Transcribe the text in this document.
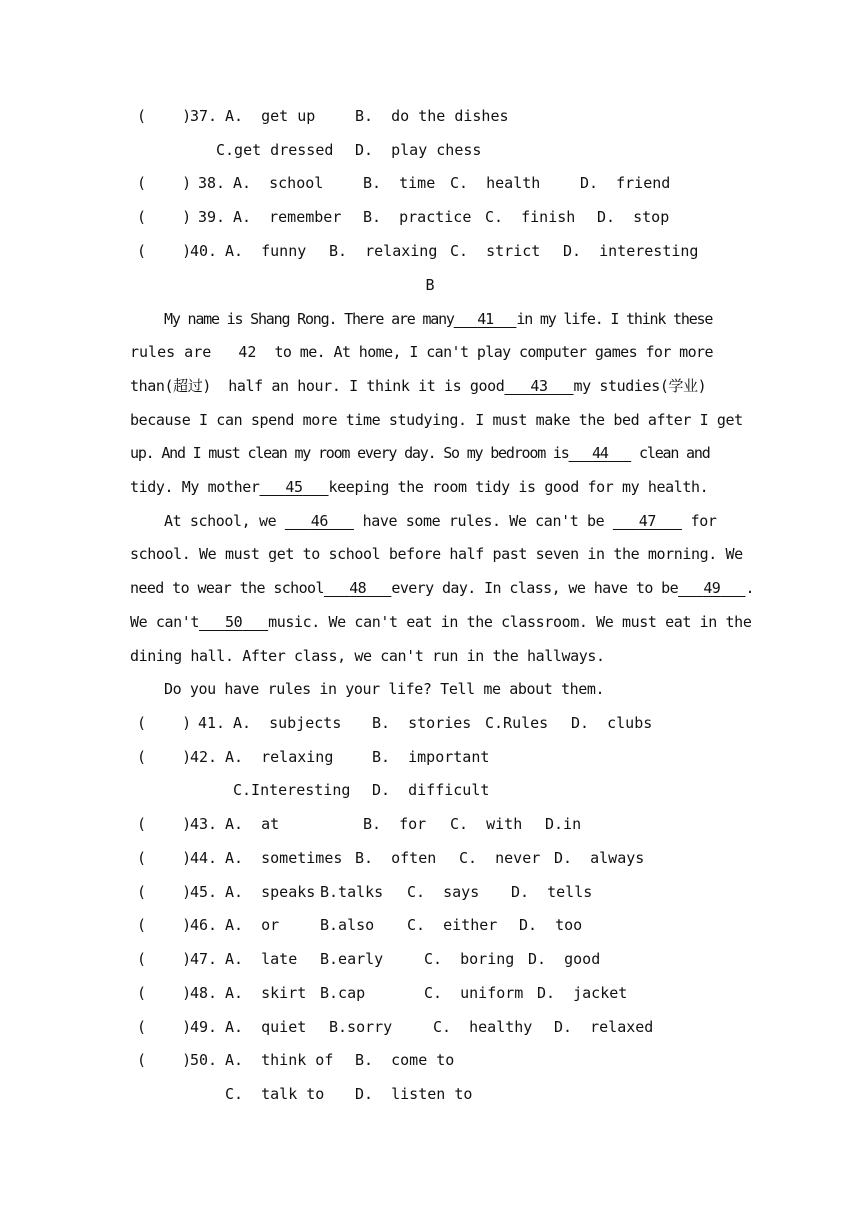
(    )
37. A.  get up	B.  do the dishes
C.get dressed D.  play chess
(    ) 38. A.  school	B.  time C.  health	D.  friend
(    ) 39. A.  remember B.  practice C.  finish D.  stop
(    )
40. A.  funny B.  relaxing C.  strict D.  interesting
B
My name is Shang Rong. There are many 41 in my life. I think these
rules are 42 to me. At home, I can't play computer games for more
than(超过)  half an hour. I think it is good 43 my studies(学业)
because I can spend more time studying. I must make the bed after I get
up. And I must clean my room every day. So my bedroom is 44 clean and
tidy. My mother 45 keeping the room tidy is good for my health.
At school, we 46 have some rules. We can't be 47 for
school. We must get to school before half past seven in the morning. We
need to wear the school 48 every day. In class, we have to be 49 .
We can't 50 music. We can't eat in the classroom. We must eat in the
dining hall. After class, we can't run in the hallways.
Do you have rules in your life? Tell me about them.
(    ) 41. A.  subjects B.  stories C.Rules D.  clubs
(    )
42. A.  relaxing	B.  important
C.Interesting D.  difficult
(    )
43. A.  at	B.  for C.  with D.in
(    )
44. A.  sometimes B.  often C.  never D.  always
(    )
45. A.  speaks B.talks C.  says D.  tells
(    )
46. A.  or	B.also C.  either D.  too
(    )
47. A.  late B.early	C.  boring D.  good
(    )
48. A.  skirt B.cap	C.  uniform D.  jacket
(    )
49. A.  quiet B.sorry	C.  healthy D.  relaxed
(    )
50. A.  think of B.  come to
C.  talk to D.  listen to
